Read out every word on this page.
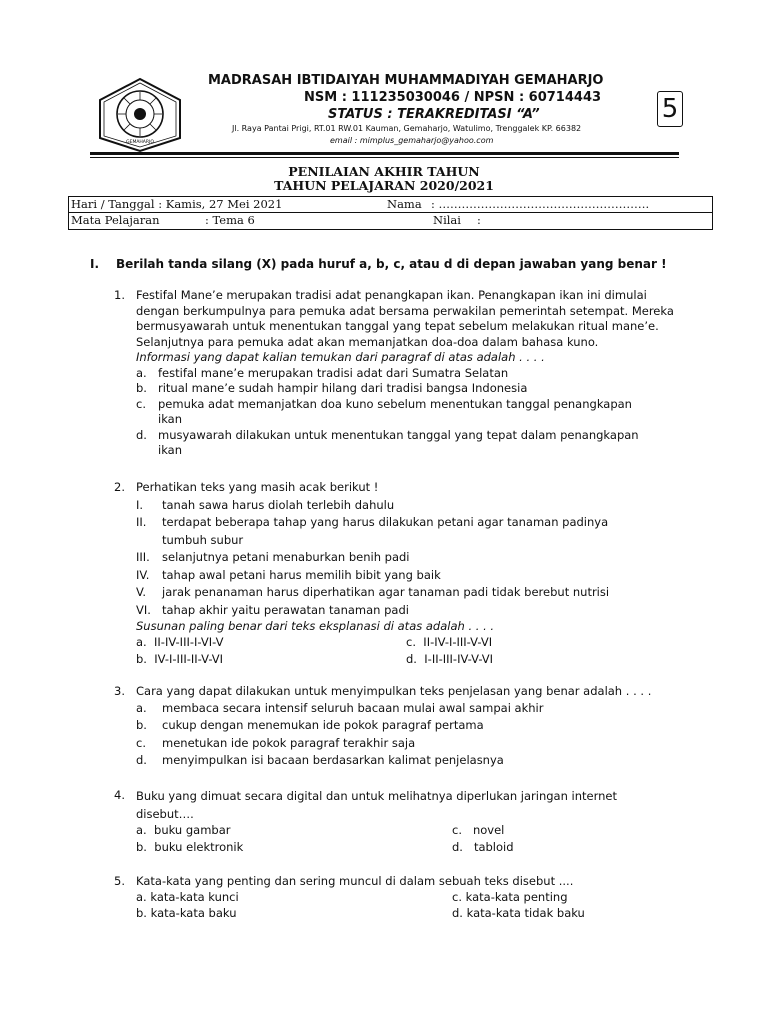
GEMAHARJO
MADRASAH IBTIDAIYAH MUHAMMADIYAH GEMAHARJO
NSM : 111235030046 / NPSN : 60714443
STATUS : TERAKREDITASI “A”
Jl. Raya Pantai Prigi, RT.01 RW.01 Kauman, Gemaharjo, Watulimo, Trenggalek KP. 66382
email : mimplus_gemaharjo@yahoo.com
5
PENILAIAN AKHIR TAHUN
TAHUN PELAJARAN 2020/2021
Hari / Tanggal : Kamis, 27 Mei 2021	Nama : ……………………………………………….
Mata Pelajaran	: Tema 6	Nilai :
I. Berilah tanda silang (X) pada huruf a, b, c, atau d di depan jawaban yang benar !
1. Festifal Mane’e merupakan tradisi adat penangkapan ikan. Penangkapan ikan ini dimulai dengan berkumpulnya para pemuka adat bersama perwakilan pemerintah setempat. Mereka bermusyawarah untuk menentukan tanggal yang tepat sebelum melakukan ritual mane’e. Selanjutnya para pemuka adat akan memanjatkan doa-doa dalam bahasa kuno.
Informasi yang dapat kalian temukan dari paragraf di atas adalah . . . .
a. festifal mane’e merupakan tradisi adat dari Sumatra Selatan
b. ritual mane’e sudah hampir hilang dari tradisi bangsa Indonesia
c. pemuka adat memanjatkan doa kuno sebelum menentukan tanggal penangkapan ikan
d. musyawarah dilakukan untuk menentukan tanggal yang tepat dalam penangkapan ikan
2. Perhatikan teks yang masih acak berikut !
I. tanah sawa harus diolah terlebih dahulu
II. terdapat beberapa tahap yang harus dilakukan petani agar tanaman padinya tumbuh subur
III. selanjutnya petani menaburkan benih padi
IV. tahap awal petani harus memilih bibit yang baik
V. jarak penanaman harus diperhatikan agar tanaman padi tidak berebut nutrisi
VI. tahap akhir yaitu perawatan tanaman padi
Susunan paling benar dari teks eksplanasi di atas adalah . . . .
a. II-IV-III-I-VI-V	c. II-IV-I-III-V-VI
b. IV-I-III-II-V-VI	d. I-II-III-IV-V-VI
3. Cara yang dapat dilakukan untuk menyimpulkan teks penjelasan yang benar adalah . . . .
a. membaca secara intensif seluruh bacaan mulai awal sampai akhir
b. cukup dengan menemukan ide pokok paragraf pertama
c. menetukan ide pokok paragraf terakhir saja
d. menyimpulkan isi bacaan berdasarkan kalimat penjelasnya
4. Buku yang dimuat secara digital dan untuk melihatnya diperlukan jaringan internet disebut….
a. buku gambar	c. novel
b. buku elektronik	d. tabloid
5. Kata-kata yang penting dan sering muncul di dalam sebuah teks disebut ....
a. kata-kata kunci	c. kata-kata penting
b. kata-kata baku	d. kata-kata tidak baku
